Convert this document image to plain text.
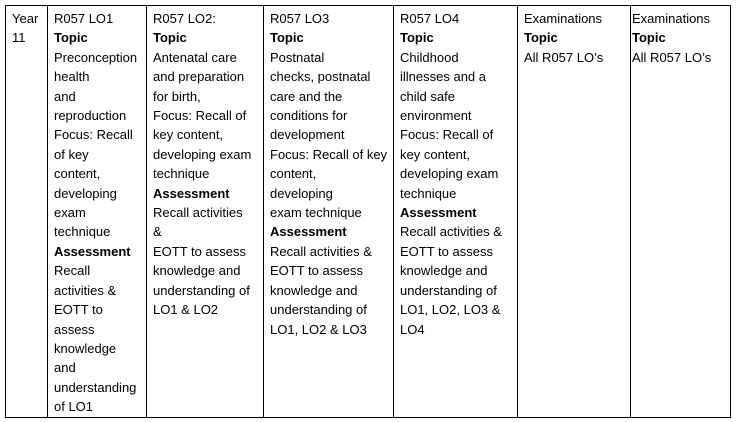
Year
11

R057 LO1
Topic
Preconception
health
and
reproduction
Focus: Recall
of key
content,
developing
exam
technique
Assessment
Recall
activities &
EOTT to
assess
knowledge
and
understanding
of LO1

R057 LO2:
Topic
Antenatal care
and preparation
for birth,
Focus: Recall of
key content,
developing exam
technique
Assessment
Recall activities
&
EOTT to assess
knowledge and
understanding of
LO1 & LO2

R057 LO3
Topic
Postnatal
checks, postnatal
care and the
conditions for
development
Focus: Recall of key
content,
developing
exam technique
Assessment
Recall activities &
EOTT to assess
knowledge and
understanding of
LO1, LO2 & LO3

R057 LO4
Topic
Childhood
illnesses and a
child safe
environment
Focus: Recall of
key content,
developing exam
technique
Assessment
Recall activities &
EOTT to assess
knowledge and
understanding of
LO1, LO2, LO3 &
LO4

Examinations
Topic
All R057 LO’s

Examinations
Topic
All R057 LO’s
